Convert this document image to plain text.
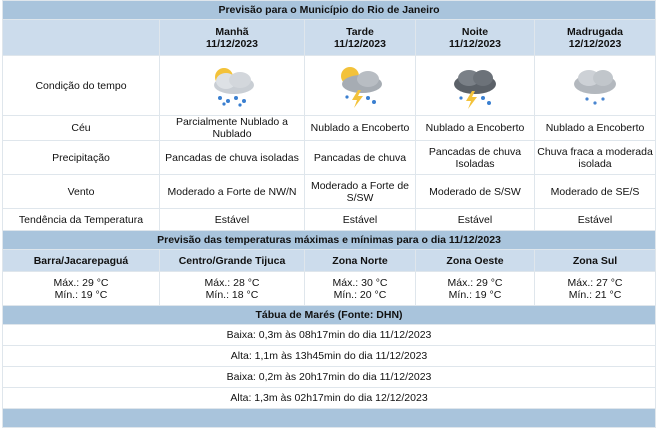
Previsão para o Município do Rio de Janeiro				
	Manhã
11/12/2023	Tarde
11/12/2023	Noite
11/12/2023	Madrugada
12/12/2023
Condição do tempo	

Céu	Parcialmente Nublado a Nublado	Nublado a Encoberto	Nublado a Encoberto	Nublado a Encoberto
Precipitação	Pancadas de chuva isoladas	Pancadas de chuva	Pancadas de chuva Isoladas	Chuva fraca a moderada isolada
Vento	Moderado a Forte de NW/N	Moderado a Forte de S/SW	Moderado de S/SW	Moderado de SE/S
Tendência da Temperatura	Estável	Estável	Estável	Estável
Previsão das temperaturas máximas e mínimas para o dia 11/12/2023				
Barra/Jacarepaguá	Centro/Grande Tijuca	Zona Norte	Zona Oeste	Zona Sul
Máx.: 29 °C
Mín.: 19 °C	Máx.: 28 °C
Mín.: 18 °C	Máx.: 30 °C
Mín.: 20 °C	Máx.: 29 °C
Mín.: 19 °C	Máx.: 27 °C
Mín.: 21 °C
Tábua de Marés (Fonte: DHN)				
Baixa: 0,3m às 08h17min do dia 11/12/2023				
Alta: 1,1m às 13h45min do dia 11/12/2023				
Baixa: 0,2m às 20h17min do dia 11/12/2023				
Alta: 1,3m às 02h17min do dia 12/12/2023				
